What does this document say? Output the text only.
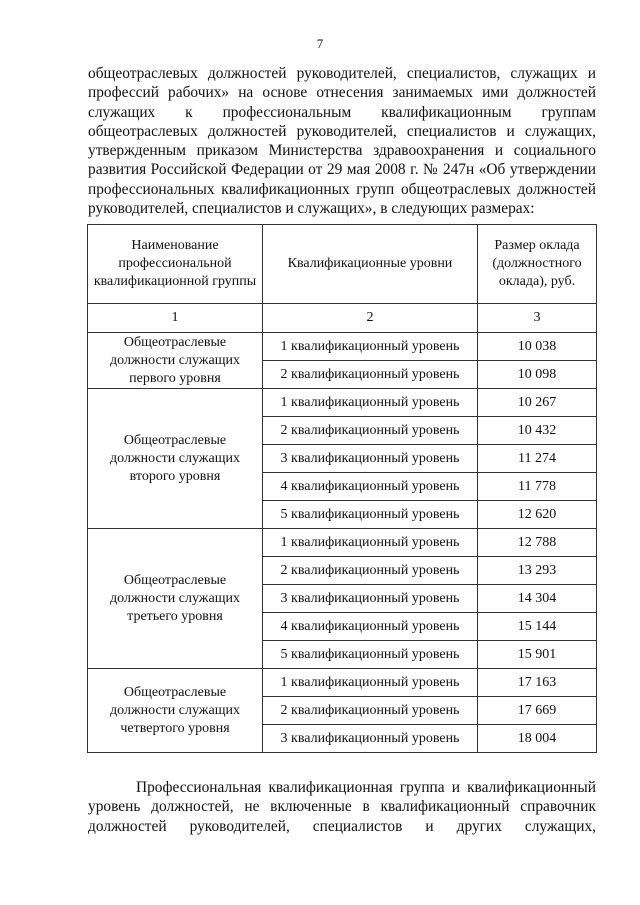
7
общеотраслевых должностей руководителей, специалистов, служащих и
профессий рабочих» на основе отнесения занимаемых ими должностей
служащих к профессиональным квалификационным группам
общеотраслевых должностей руководителей, специалистов и служащих,
утвержденным приказом Министерства здравоохранения и социального
развития Российской Федерации от 29 мая 2008 г. № 247н «Об утверждении
профессиональных квалификационных групп общеотраслевых должностей
руководителей, специалистов и служащих», в следующих размерах:
Наименование профессиональной квалификационной группы	Квалификационные уровни	Размер оклада (должностного оклада), руб.
1	2	3
Общеотраслевые должности служащих первого уровня	1 квалификационный уровень	10 038
	2 квалификационный уровень	10 098
Общеотраслевые должности служащих второго уровня	1 квалификационный уровень	10 267
	2 квалификационный уровень	10 432
	3 квалификационный уровень	11 274
	4 квалификационный уровень	11 778
	5 квалификационный уровень	12 620
Общеотраслевые должности служащих третьего уровня	1 квалификационный уровень	12 788
	2 квалификационный уровень	13 293
	3 квалификационный уровень	14 304
	4 квалификационный уровень	15 144
	5 квалификационный уровень	15 901
Общеотраслевые должности служащих четвертого уровня	1 квалификационный уровень	17 163
	2 квалификационный уровень	17 669
	3 квалификационный уровень	18 004
Профессиональная квалификационная группа и квалификационный
уровень должностей, не включенные в квалификационный справочник
должностей руководителей, специалистов и других служащих,
